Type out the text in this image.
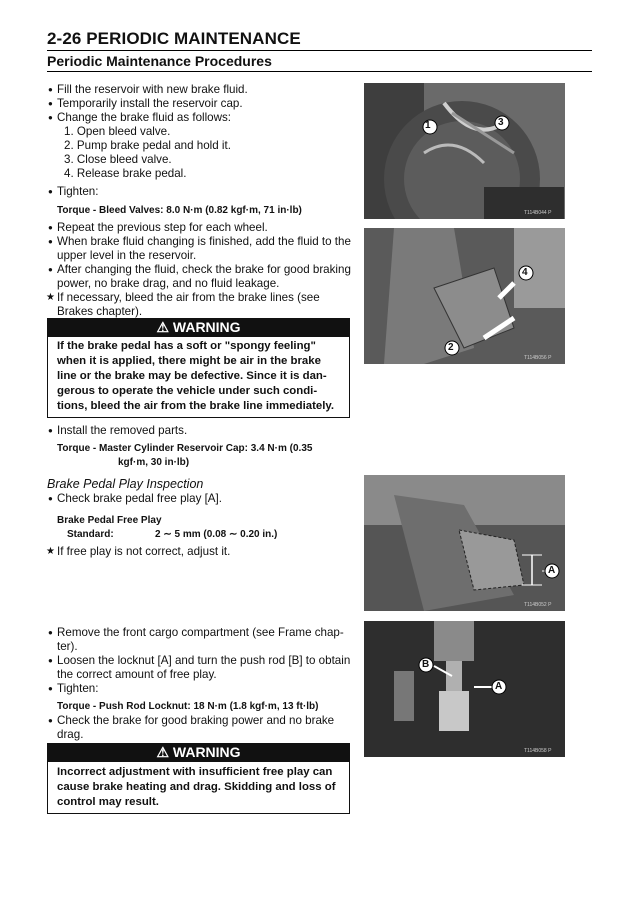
2-26 PERIODIC MAINTENANCE
Periodic Maintenance Procedures
● Fill the reservoir with new brake fluid.
● Temporarily install the reservoir cap.
● Change the brake fluid as follows:
1. Open bleed valve.
2. Pump brake pedal and hold it.
3. Close bleed valve.
4. Release brake pedal.
● Tighten:
Torque - Bleed Valves: 8.0 N·m (0.82 kgf·m, 71 in·lb)
● Repeat the previous step for each wheel.
● When brake fluid changing is finished, add the fluid to the
upper level in the reservoir.
● After changing the fluid, check the brake for good braking
power, no brake drag, and no fluid leakage.
★ If necessary, bleed the air from the brake lines (see
Brakes chapter).
⚠ WARNING
If the brake pedal has a soft or "spongy feeling"
when it is applied, there might be air in the brake
line or the brake may be defective. Since it is dan-
gerous to operate the vehicle under such condi-
tions, bleed the air from the brake line immediately.
● Install the removed parts.
Torque - Master Cylinder Reservoir Cap: 3.4 N·m (0.35
kgf·m, 30 in·lb)
Brake Pedal Play Inspection
● Check brake pedal free play [A].
Brake Pedal Free Play
Standard:	2 ∼ 5 mm (0.08 ∼ 0.20 in.)
★ If free play is not correct, adjust it.
● Remove the front cargo compartment (see Frame chap-
ter).
● Loosen the locknut [A] and turn the push rod [B] to obtain
the correct amount of free play.
● Tighten:
Torque - Push Rod Locknut: 18 N·m (1.8 kgf·m, 13 ft·lb)
● Check the brake for good braking power and no brake
drag.
⚠ WARNING
Incorrect adjustment with insufficient free play can
cause brake heating and drag. Skidding and loss of
control may result.
1	3
T114B044 P
4
2
T114B056 P
A
T114B052 P
B
A
T114B058 P
